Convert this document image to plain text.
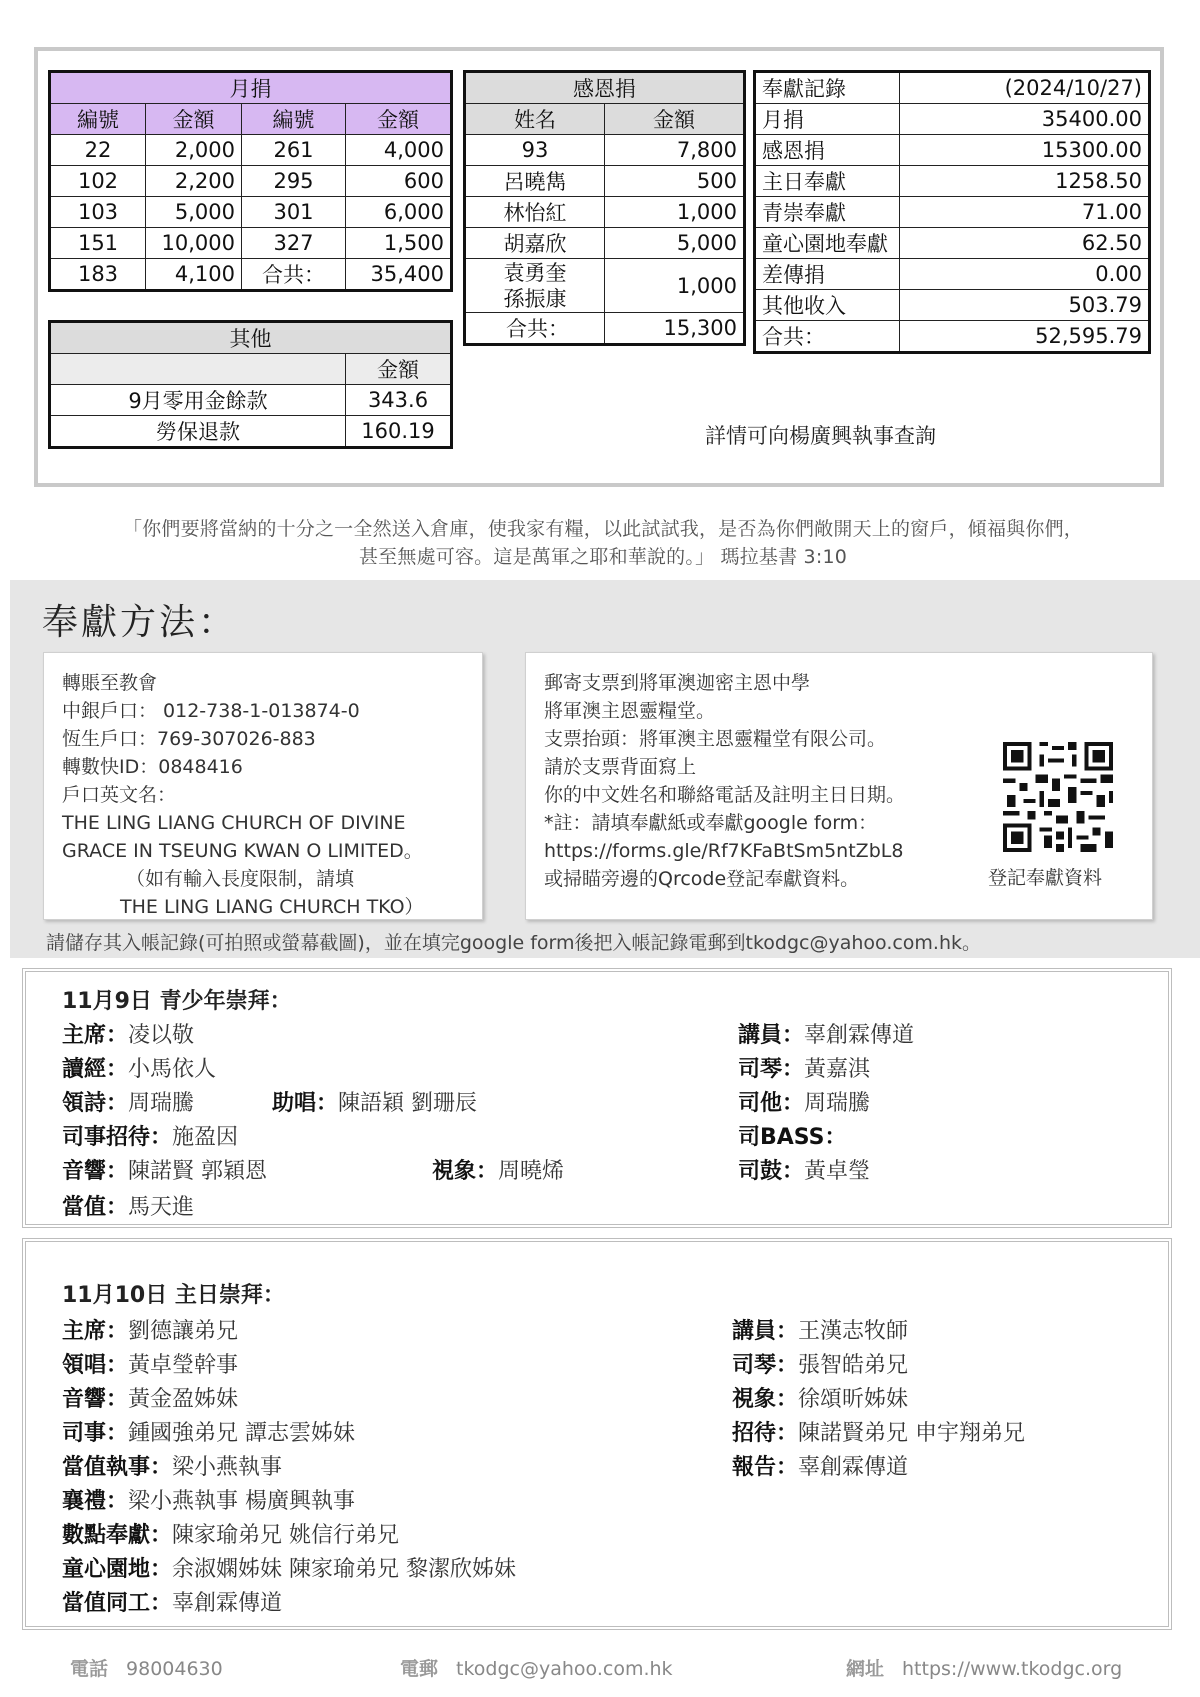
月捐			
編號	金額	編號	金額
22	2,000	261	4,000
102	2,200	295	600
103	5,000	301	6,000
151	10,000	327	1,500
183	4,100	合共：	35,400
其他	
	金額
9月零用金餘款	343.6
勞保退款	160.19
感恩捐	
姓名	金額
93	7,800
呂曉雋	500
林怡紅	1,000
胡嘉欣	5,000

袁勇奎
孫振康	1,000
合共：	15,300
奉獻記錄	(2024/10/27)
月捐	35400.00
感恩捐	15300.00
主日奉獻	1258.50
青崇奉獻	71.00
童心園地奉獻	62.50
差傳捐	0.00
其他收入	503.79
合共：	52,595.79
詳情可向楊廣興執事查詢
「你們要將當納的十分之一全然送入倉庫，使我家有糧，以此試試我，是否為你們敞開天上的窗戶，傾福與你們，
甚至無處可容。這是萬軍之耶和華說的。」 瑪拉基書 3:10
奉獻方法：
轉賬至教會
中銀戶口： 012-738-1-013874-0
恆生戶口：769-307026-883
轉數快ID：0848416
戶口英文名：
THE LING LIANG CHURCH OF DIVINE
GRACE IN TSEUNG KWAN O LIMITED。
（如有輸入長度限制，請填
THE LING LIANG CHURCH TKO）
郵寄支票到將軍澳迦密主恩中學
將軍澳主恩靈糧堂。
支票抬頭：將軍澳主恩靈糧堂有限公司。
請於支票背面寫上
你的中文姓名和聯絡電話及註明主日日期。
*註：請填奉獻紙或奉獻google form：
https://forms.gle/Rf7KFaBtSm5ntZbL8
或掃瞄旁邊的Qrcode登記奉獻資料。	登記奉獻資料
請儲存其入帳記錄(可拍照或螢幕截圖)，並在填完google form後把入帳記錄電郵到tkodgc@yahoo.com.hk。
11月9日 青少年崇拜：
主席：凌以敬
讀經：小馬依人
領詩：周瑞騰	助唱：陳語穎 劉珊辰
司事招待：施盈因
音響：陳諾賢 郭穎恩	視象：周曉烯
當值：馬天進
講員：辜創霖傳道
司琴：黃嘉淇
司他：周瑞騰
司BASS：
司鼓：黃卓瑩
11月10日 主日崇拜：
主席：劉德讓弟兄
領唱：黃卓瑩幹事
音響：黃金盈姊妹
司事：鍾國強弟兄 譚志雲姊妹
當值執事：梁小燕執事
襄禮：梁小燕執事 楊廣興執事
數點奉獻：陳家瑜弟兄 姚信行弟兄
童心園地：余淑嫻姊妹 陳家瑜弟兄 黎潔欣姊妹
當值同工：辜創霖傳道
講員：王漢志牧師
司琴：張智皓弟兄
視象：徐頌昕姊妹
招待：陳諾賢弟兄 申宇翔弟兄
報告：辜創霖傳道
電話 98004630	電郵 tkodgc@yahoo.com.hk	網址 https://www.tkodgc.org
